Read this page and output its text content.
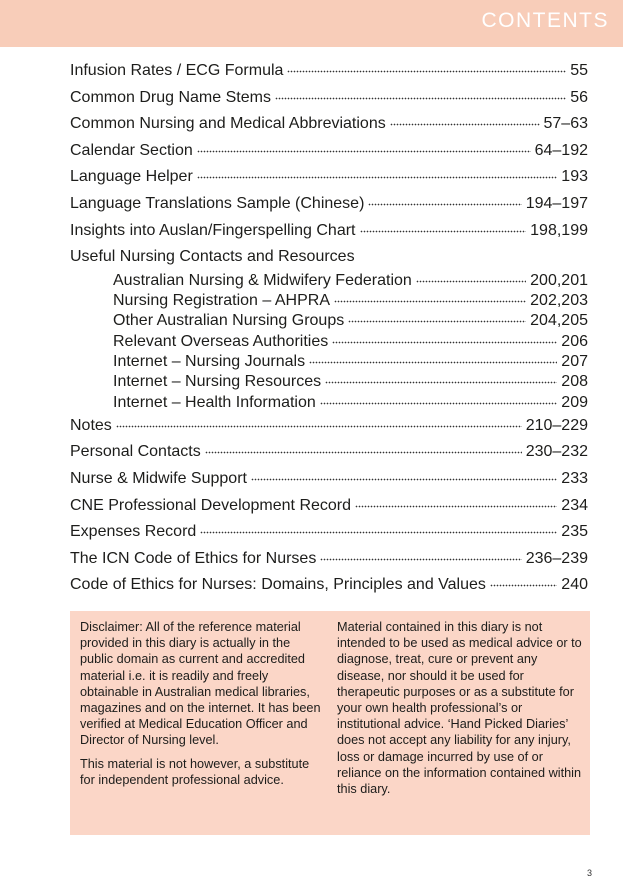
CONTENTS
Infusion Rates / ECG Formula	55
Common Drug Name Stems	56
Common Nursing and Medical Abbreviations	57–63
Calendar Section	64–192
Language Helper	193
Language Translations Sample (Chinese)	194–197
Insights into Auslan/Fingerspelling Chart	198,199
Useful Nursing Contacts and Resources
Australian Nursing & Midwifery Federation	200,201
Nursing Registration – AHPRA	202,203
Other Australian Nursing Groups	204,205
Relevant Overseas Authorities	206
Internet – Nursing Journals	207
Internet – Nursing Resources	208
Internet – Health Information	209
Notes	210–229
Personal Contacts	230–232
Nurse & Midwife Support	233
CNE Professional Development Record	234
Expenses Record	235
The ICN Code of Ethics for Nurses	236–239
Code of Ethics for Nurses: Domains, Principles and Values	240

Disclaimer: All of the reference material provided in this diary is actually in the public domain as current and accredited material i.e. it is readily and freely obtainable in Australian medical libraries, magazines and on the internet. It has been verified at Medical Education Officer and Director of Nursing level.

This material is not however, a substitute for independent professional advice.

Material contained in this diary is not intended to be used as medical advice or to diagnose, treat, cure or prevent any disease, nor should it be used for therapeutic purposes or as a substitute for your own health professional’s or institutional advice. ‘Hand Picked Diaries’ does not accept any liability for any injury, loss or damage incurred by use of or reliance on the information contained within this diary.

3
